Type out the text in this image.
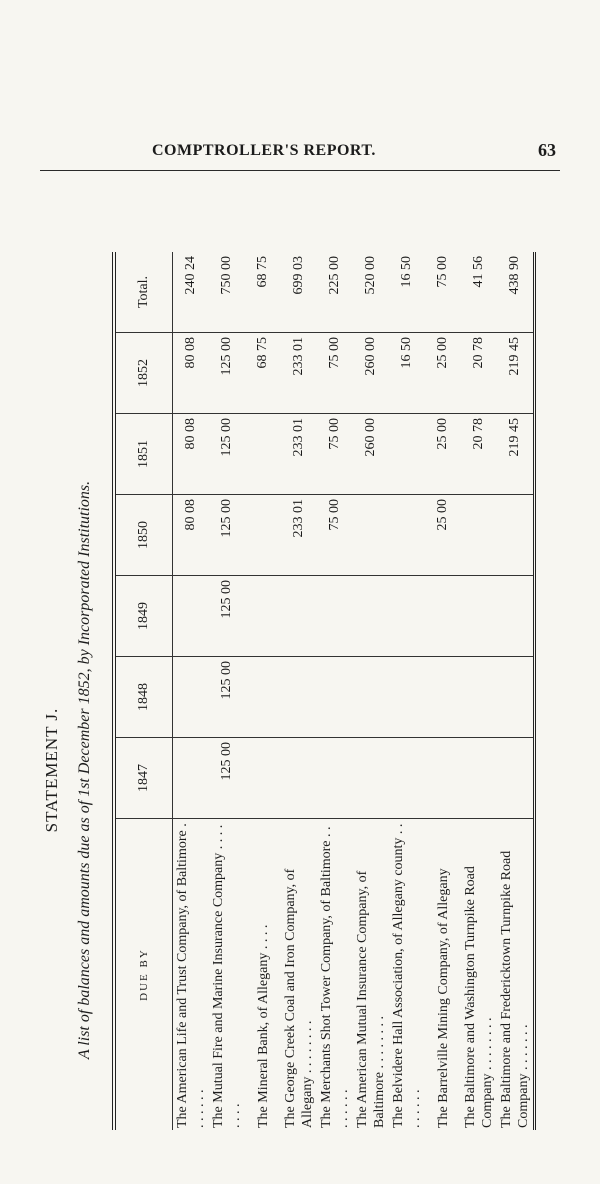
COMPTROLLER'S REPORT.	63
STATEMENT J. A list of balances and amounts due as of 1st December 1852, by Incorporated Institutions.	DUE BY	1847	1848	1849	1850	1851	1852	Total.
The American Life and Trust Company, of Baltimore . . . . . . .				80 08	80 08	80 08	240 24
The Mutual Fire and Marine Insurance Company . . . . . . . .	125 00	125 00	125 00	125 00	125 00	125 00	750 00
The Mineral Bank, of Allegany . . . .						68 75	68 75
The George Creek Coal and Iron Company, of Allegany . . . . . . . .				233 01	233 01	233 01	699 03
The Merchants Shot Tower Company, of Baltimore . . . . . . . .				75 00	75 00	75 00	225 00
The American Mutual Insurance Company, of Baltimore . . . . . . . .					260 00	260 00	520 00
The Belvidere Hall Association, of Allegany county . . . . . . . .						16 50	16 50
The Barrelville Mining Company, of Allegany				25 00	25 00	25 00	75 00
The Baltimore and Washington Turnpike Road Company . . . . . . . .					20 78	20 78	41 56
The Baltimore and Fredericktown Turnpike Road Company . . . . . . .					219 45	219 45	438 90
